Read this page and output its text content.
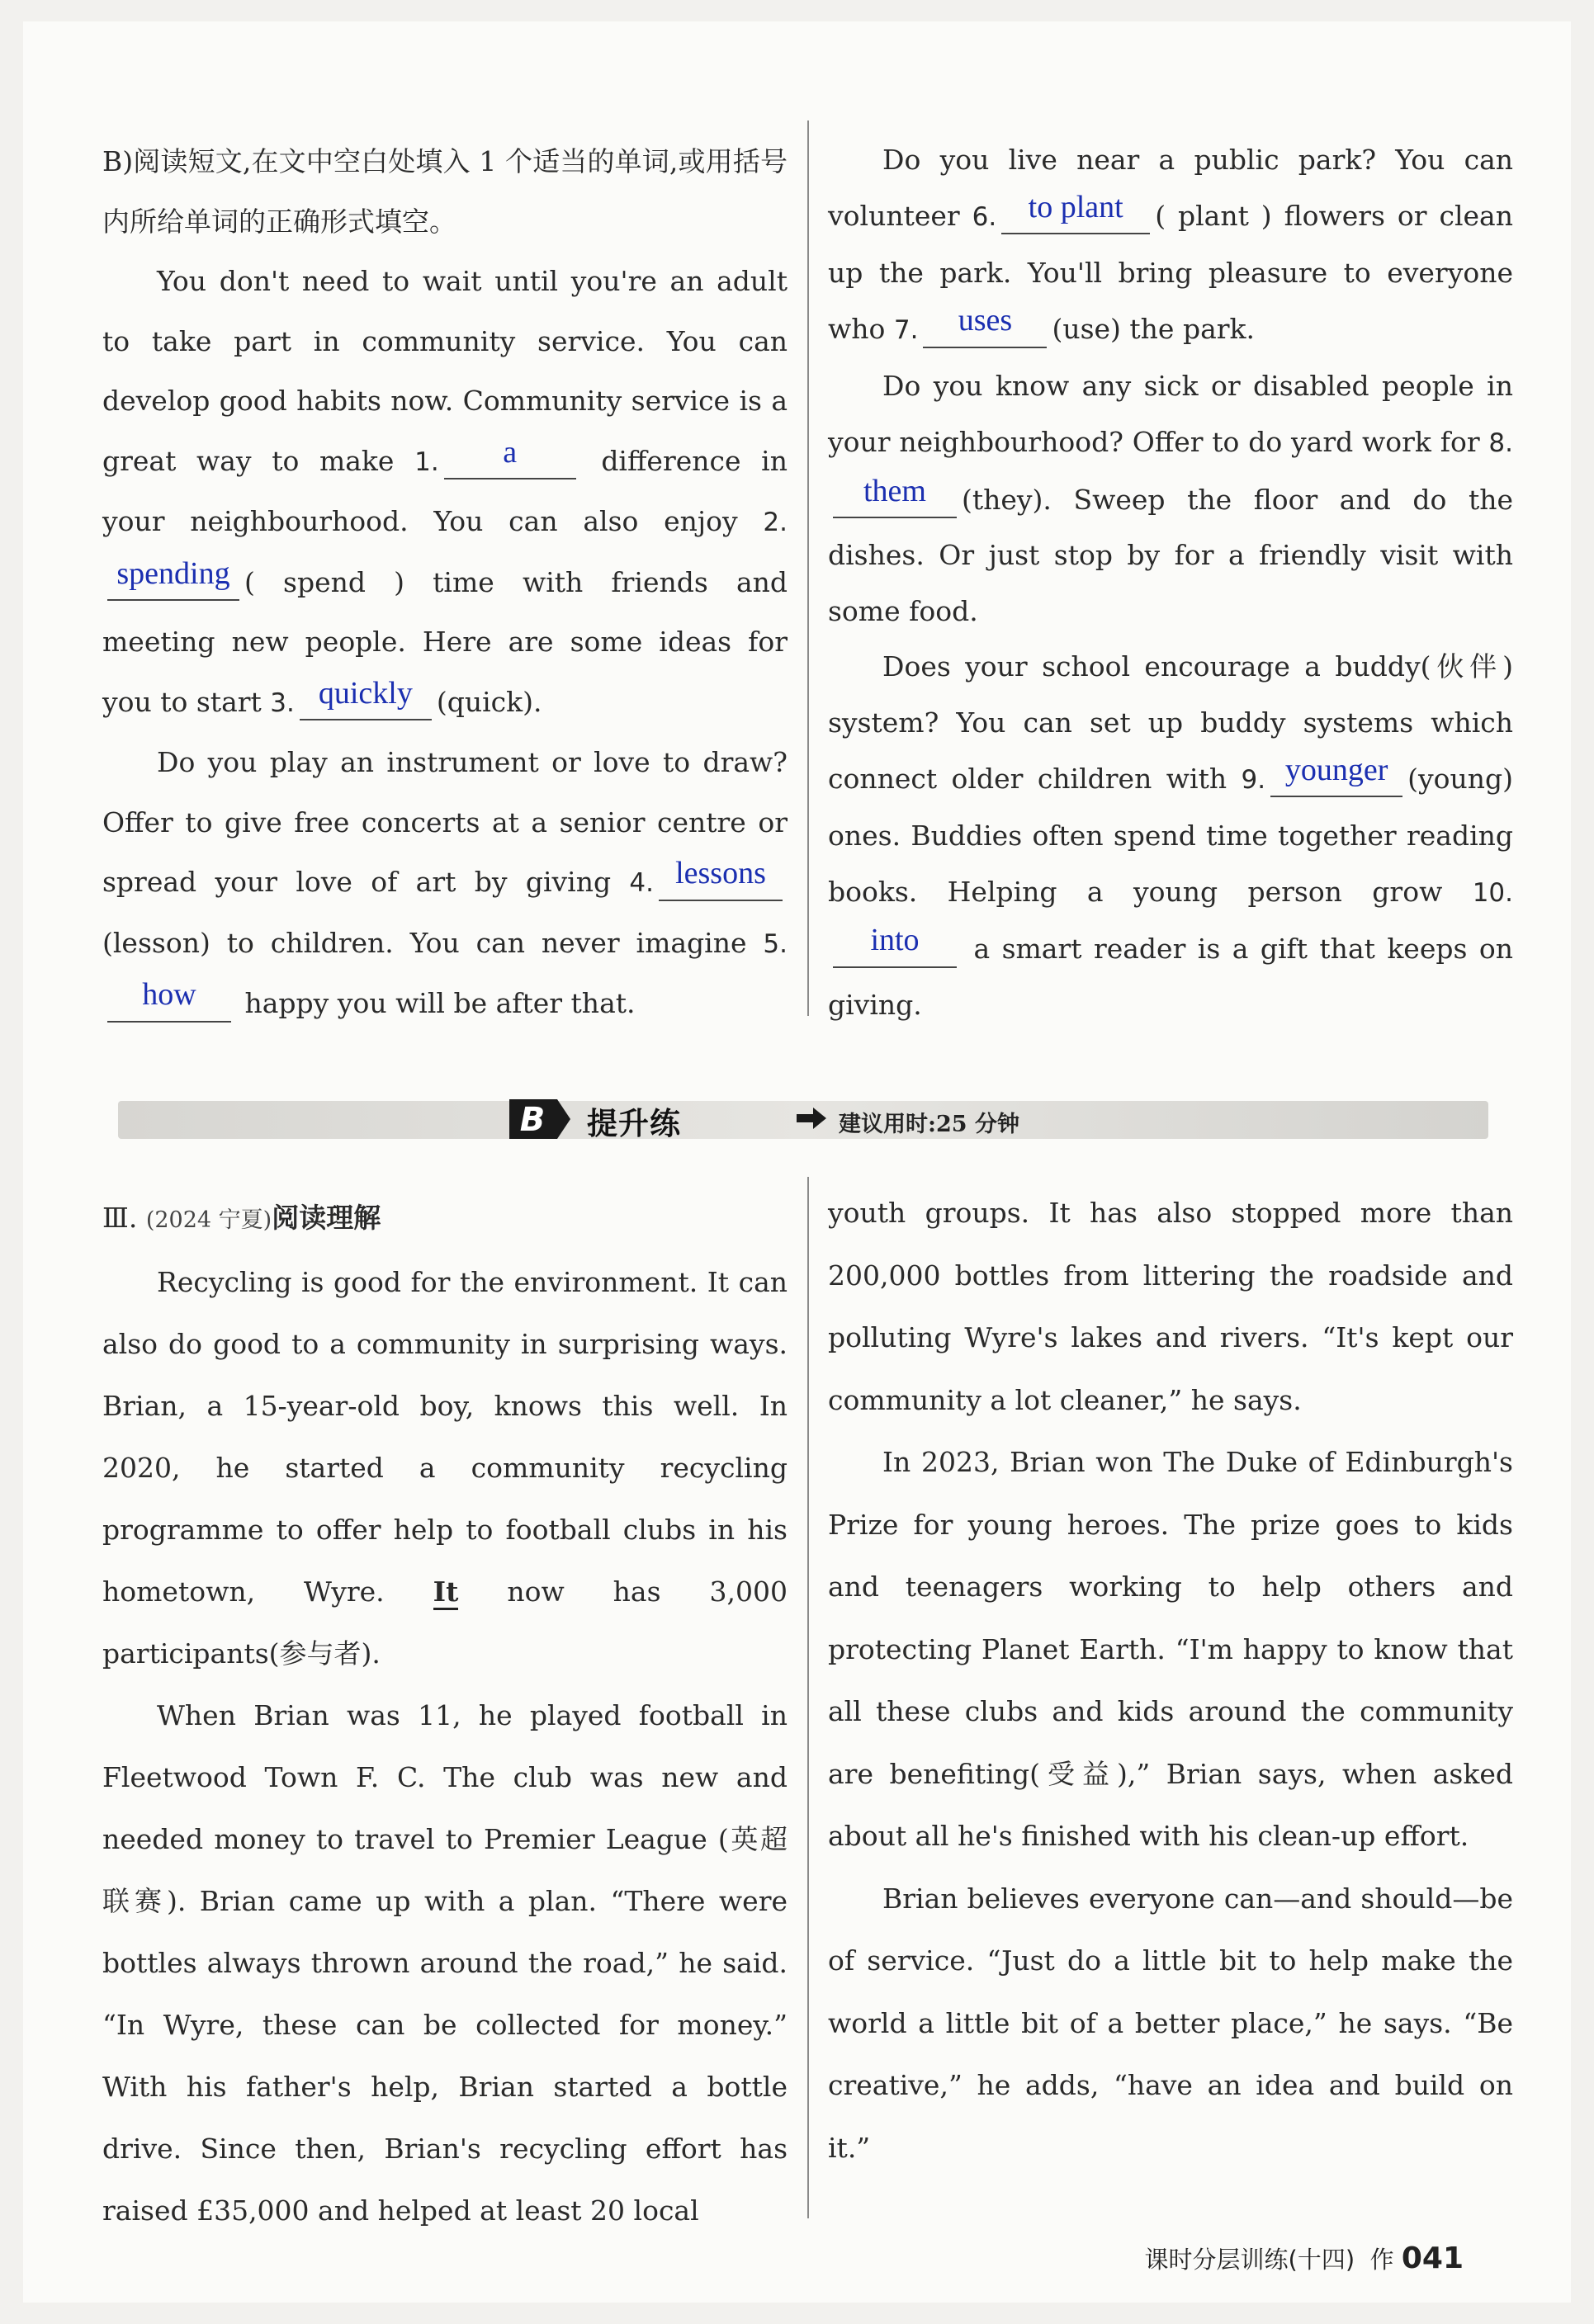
B)阅读短文,在文中空白处填入 1 个适当的单词,或用括号内所给单词的正确形式填空。

You don't need to wait until you're an adult to take part in community service. You can develop good habits now. Community service is a great way to make 1. a	difference in your neighbourhood. You can also enjoy 2.spending ( spend ) time with friends and meeting new people. Here are some ideas for you to start 3. quickly (quick).

Do you play an instrument or love to draw? Offer to give free concerts at a senior centre or spread your love of art by giving 4. lessons (lesson) to children. You can never imagine 5.how happy you will be after that.

Do you live near a public park? You can volunteer 6. to plant ( plant ) flowers or clean up the park. You'll bring pleasure to everyone who 7. uses (use) the park.

Do you know any sick or disabled people in your neighbourhood? Offer to do yard work for 8.them (they). Sweep the floor and do the dishes. Or just stop by for a friendly visit with some food.

Does your school encourage a buddy(伙伴) system? You can set up buddy systems which connect older children with 9. younger (young) ones. Buddies often spend time together reading books. Helping a young person grow 10.into a smart reader is a gift that keeps on giving.

B 提升练	建议用时:25 分钟

Ⅲ. (2024 宁夏)阅读理解

Recycling is good for the environment. It can also do good to a community in surprising ways. Brian, a 15-year-old boy, knows this well. In 2020, he started a community recycling programme to offer help to football clubs in his hometown, Wyre. It now has 3,000 participants(参与者).

When Brian was 11, he played football in Fleetwood Town F. C. The club was new and needed money to travel to Premier League (英超联赛). Brian came up with a plan. “There were bottles always thrown around the road,” he said. “In Wyre, these can be collected for money.” With his father's help, Brian started a bottle drive. Since then, Brian's recycling effort has raised £35,000 and helped at least 20 local

youth groups. It has also stopped more than 200,000 bottles from littering the roadside and polluting Wyre's lakes and rivers. “It's kept our community a lot cleaner,” he says.

In 2023, Brian won The Duke of Edinburgh's Prize for young heroes. The prize goes to kids and teenagers working to help others and protecting Planet Earth. “I'm happy to know that all these clubs and kids around the community are benefiting(受益),” Brian says, when asked about all he's finished with his clean-up effort.

Brian believes everyone can—and should—be of service. “Just do a little bit to help make the world a little bit of a better place,” he says. “Be creative,” he adds, “have an idea and build on it.”

课时分层训练(十四) 作 041
